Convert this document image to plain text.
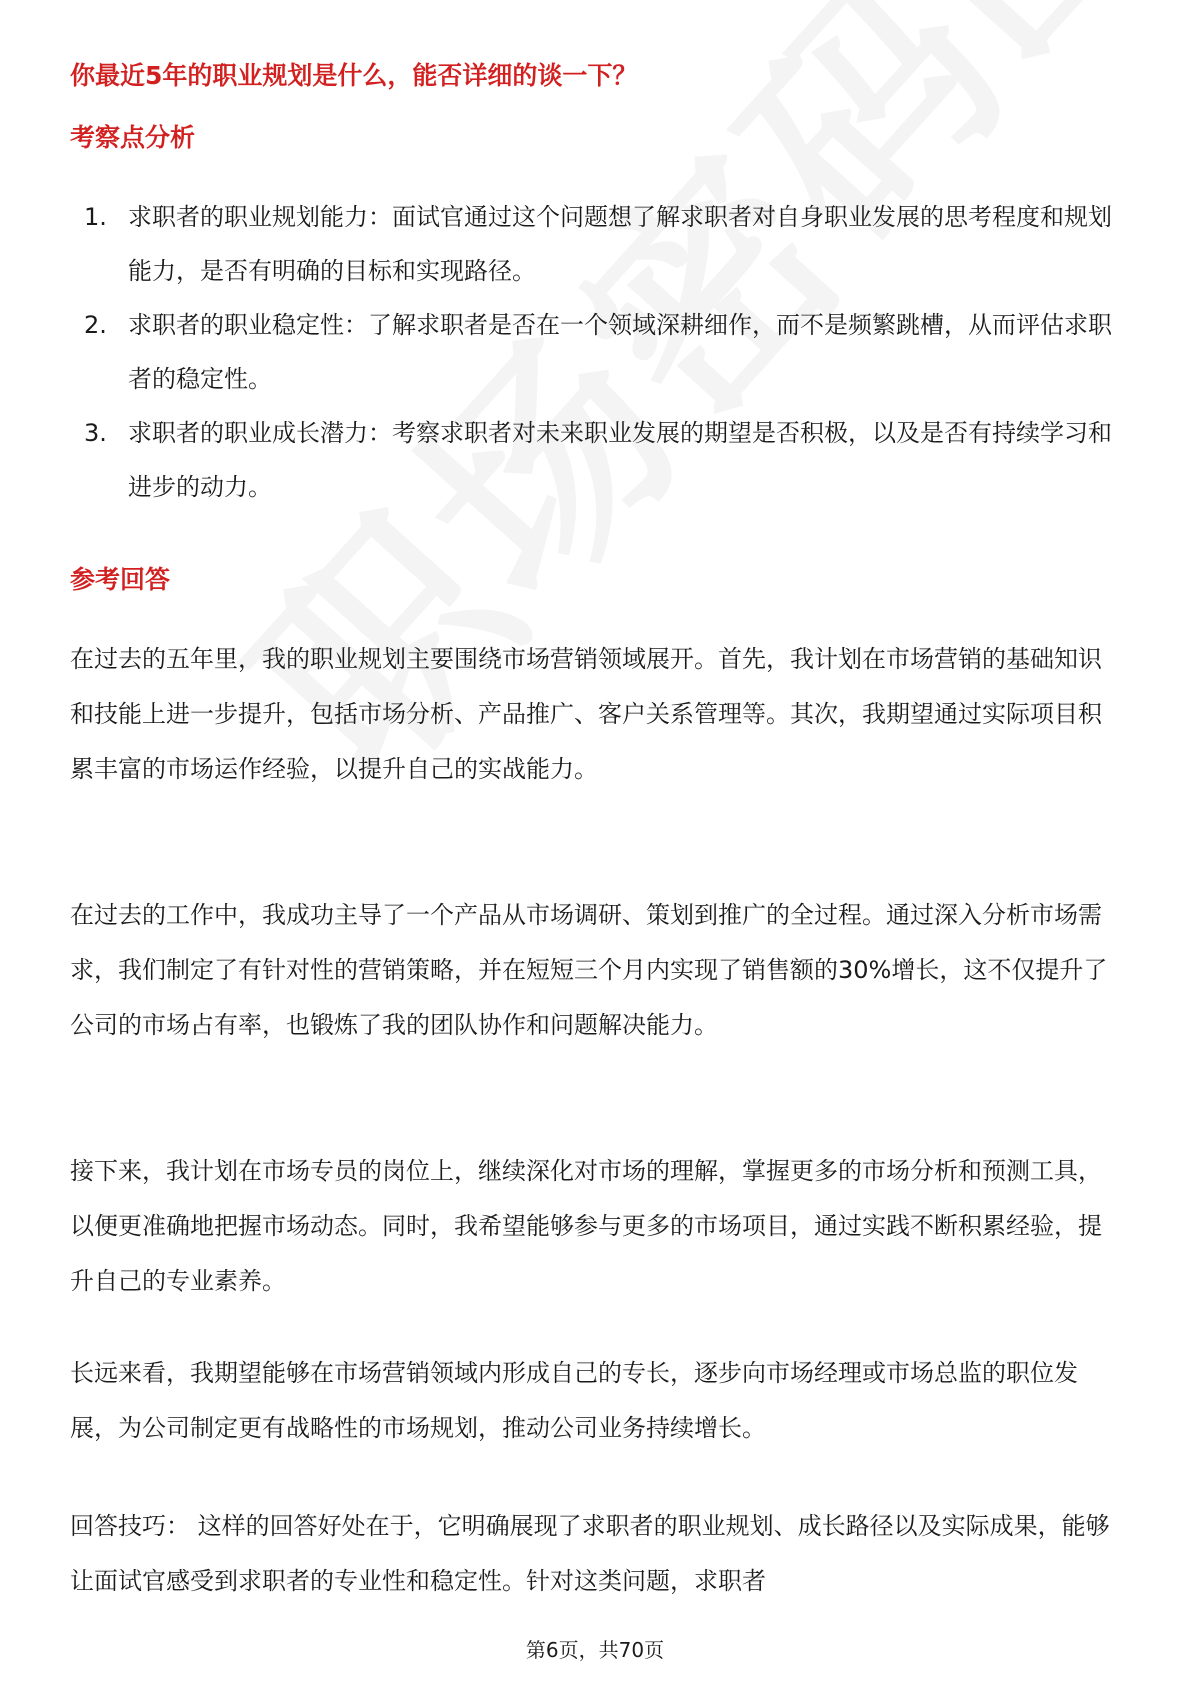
你最近5年的职业规划是什么，能否详细的谈一下？
考察点分析
1. 求职者的职业规划能力：面试官通过这个问题想了解求职者对自身职业发展的思考程度和规划能力，是否有明确的目标和实现路径。
2. 求职者的职业稳定性：了解求职者是否在一个领域深耕细作，而不是频繁跳槽，从而评估求职者的稳定性。
3. 求职者的职业成长潜力：考察求职者对未来职业发展的期望是否积极，以及是否有持续学习和进步的动力。
参考回答

在过去的五年里，我的职业规划主要围绕市场营销领域展开。首先，我计划在市场营销的基础知识和技能上进一步提升，包括市场分析、产品推广、客户关系管理等。其次，我期望通过实际项目积累丰富的市场运作经验，以提升自己的实战能力。

在过去的工作中，我成功主导了一个产品从市场调研、策划到推广的全过程。通过深入分析市场需求，我们制定了有针对性的营销策略，并在短短三个月内实现了销售额的30%增长，这不仅提升了公司的市场占有率，也锻炼了我的团队协作和问题解决能力。

接下来，我计划在市场专员的岗位上，继续深化对市场的理解，掌握更多的市场分析和预测工具，以便更准确地把握市场动态。同时，我希望能够参与更多的市场项目，通过实践不断积累经验，提升自己的专业素养。

长远来看，我期望能够在市场营销领域内形成自己的专长，逐步向市场经理或市场总监的职位发展，为公司制定更有战略性的市场规划，推动公司业务持续增长。

回答技巧： 这样的回答好处在于，它明确展现了求职者的职业规划、成长路径以及实际成果，能够让面试官感受到求职者的专业性和稳定性。针对这类问题，求职者

第6页，共70页
